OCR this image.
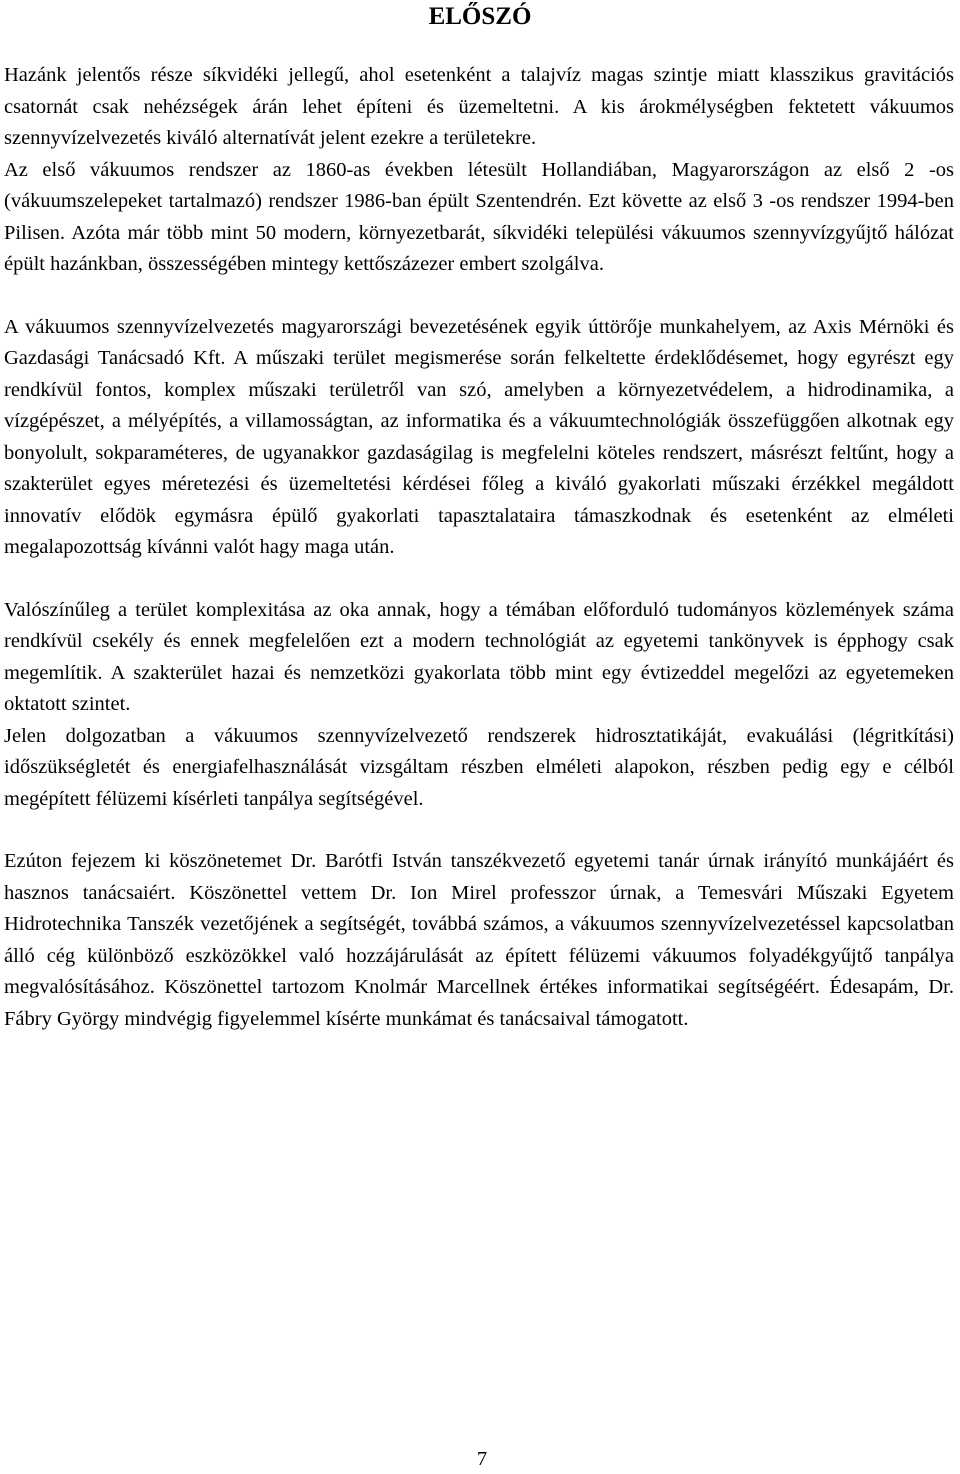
ELŐSZÓ

Hazánk jelentős része síkvidéki jellegű, ahol esetenként a talajvíz magas szintje miatt klasszikus gravitációs csatornát csak nehézségek árán lehet építeni és üzemeltetni. A kis árokmélységben fektetett vákuumos szennyvízelvezetés kiváló alternatívát jelent ezekre a területekre.

Az első vákuumos rendszer az 1860-as években létesült Hollandiában, Magyarországon az első 2 -os (vákuumszelepeket tartalmazó) rendszer 1986-ban épült Szentendrén. Ezt követte az első 3 -os rendszer 1994-ben Pilisen. Azóta már több mint 50 modern, környezetbarát, síkvidéki települési vákuumos szennyvízgyűjtő hálózat épült hazánkban, összességében mintegy kettőszázezer embert szolgálva.

A vákuumos szennyvízelvezetés magyarországi bevezetésének egyik úttörője munkahelyem, az Axis Mérnöki és Gazdasági Tanácsadó Kft. A műszaki terület megismerése során felkeltette érdeklődésemet, hogy egyrészt egy rendkívül fontos, komplex műszaki területről van szó, amelyben a környezetvédelem, a hidrodinamika, a vízgépészet, a mélyépítés, a villamosságtan, az informatika és a vákuumtechnológiák összefüggően alkotnak egy bonyolult, sokparaméteres, de ugyanakkor gazdaságilag is megfelelni köteles rendszert, másrészt feltűnt, hogy a szakterület egyes méretezési és üzemeltetési kérdései főleg a kiváló gyakorlati műszaki érzékkel megáldott innovatív elődök egymásra épülő gyakorlati tapasztalataira támaszkodnak és esetenként az elméleti megalapozottság kívánni valót hagy maga után.

Valószínűleg a terület komplexitása az oka annak, hogy a témában előforduló tudományos közlemények száma rendkívül csekély és ennek megfelelően ezt a modern technológiát az egyetemi tankönyvek is épphogy csak megemlítik. A szakterület hazai és nemzetközi gyakorlata több mint egy évtizeddel megelőzi az egyetemeken oktatott szintet.

Jelen dolgozatban a vákuumos szennyvízelvezető rendszerek hidrosztatikáját, evakuálási (légritkítási) időszükségletét és energiafelhasználását vizsgáltam részben elméleti alapokon, részben pedig egy e célból megépített félüzemi kísérleti tanpálya segítségével.

Ezúton fejezem ki köszönetemet Dr. Barótfi István tanszékvezető egyetemi tanár úrnak irányító munkájáért és hasznos tanácsaiért. Köszönettel vettem Dr. Ion Mirel professzor úrnak, a Temesvári Műszaki Egyetem Hidrotechnika Tanszék vezetőjének a segítségét, továbbá számos, a vákuumos szennyvízelvezetéssel kapcsolatban álló cég különböző eszközökkel való hozzájárulását az épített félüzemi vákuumos folyadékgyűjtő tanpálya megvalósításához. Köszönettel tartozom Knolmár Marcellnek értékes informatikai segítségéért. Édesapám, Dr. Fábry György mindvégig figyelemmel kísérte munkámat és tanácsaival támogatott.

7
